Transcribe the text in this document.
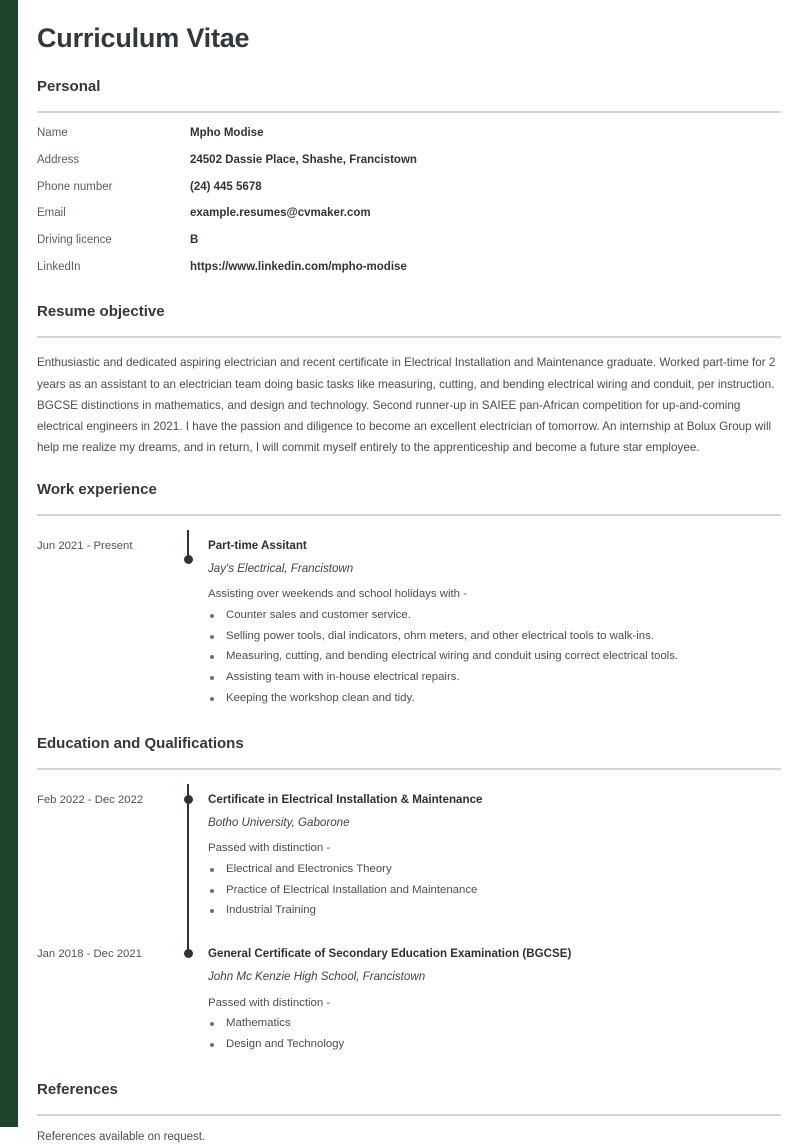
Curriculum Vitae
Personal
Name	Mpho Modise
Address	24502 Dassie Place, Shashe, Francistown
Phone number	(24) 445 5678
Email	example.resumes@cvmaker.com
Driving licence	B
LinkedIn	https://www.linkedin.com/mpho-modise
Resume objective

Enthusiastic and dedicated aspiring electrician and recent certificate in Electrical Installation and Maintenance graduate. Worked part-time for 2 years as an assistant to an electrician team doing basic tasks like measuring, cutting, and bending electrical wiring and conduit, per instruction. BGCSE distinctions in mathematics, and design and technology. Second runner-up in SAIEE pan-African competition for up-and-coming electrical engineers in 2021. I have the passion and diligence to become an excellent electrician of tomorrow. An internship at Bolux Group will help me realize my dreams, and in return, I will commit myself entirely to the apprenticeship and become a future star employee.

Work experience
Jun 2021 - Present	Part-time Assitant
Jay's Electrical, Francistown
Assisting over weekends and school holidays with -
Counter sales and customer service.
Selling power tools, dial indicators, ohm meters, and other electrical tools to walk-ins.
Measuring, cutting, and bending electrical wiring and conduit using correct electrical tools.
Assisting team with in-house electrical repairs.
Keeping the workshop clean and tidy.
Education and Qualifications
Feb 2022 - Dec 2022	Certificate in Electrical Installation & Maintenance
Botho University, Gaborone
Passed with distinction -
Electrical and Electronics Theory
Practice of Electrical Installation and Maintenance
Industrial Training
Jan 2018 - Dec 2021	General Certificate of Secondary Education Examination (BGCSE)
John Mc Kenzie High School, Francistown
Passed with distinction -
Mathematics
Design and Technology
References

References available on request.
